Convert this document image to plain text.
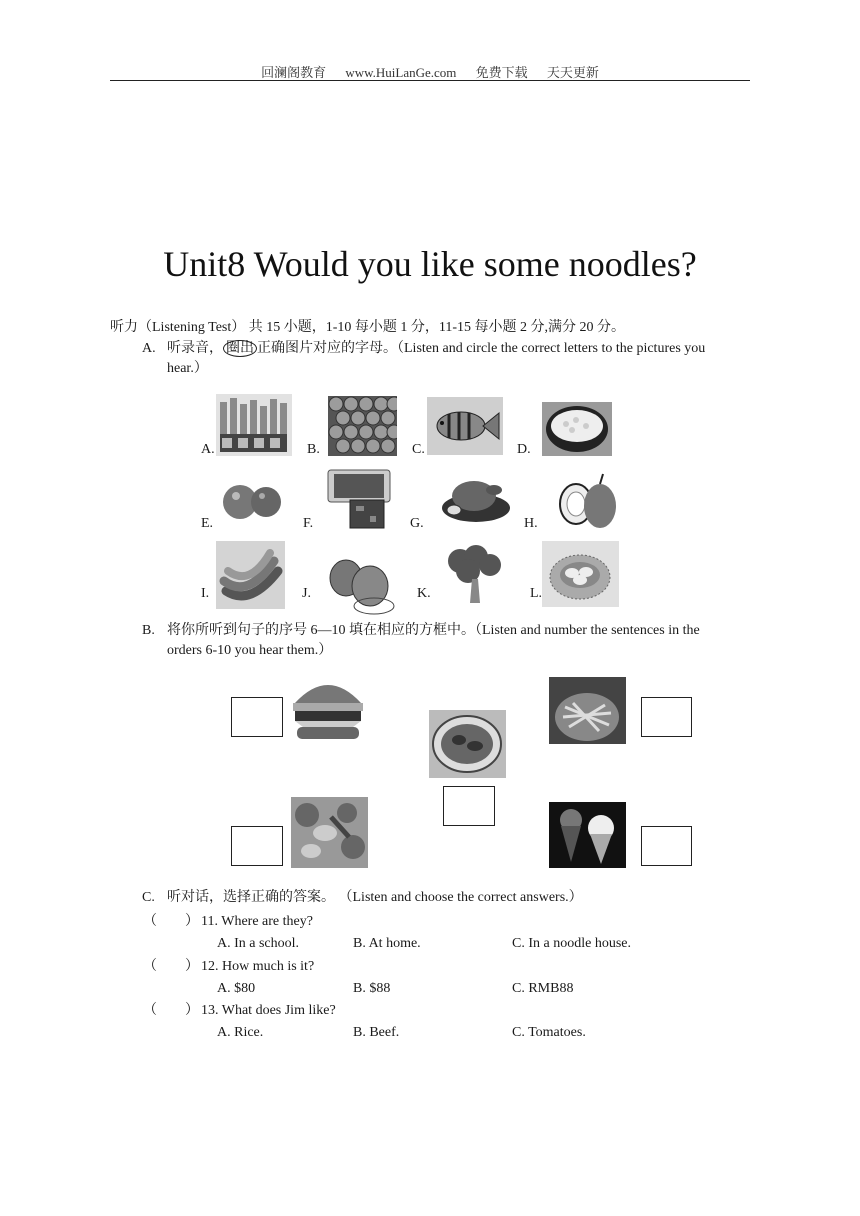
回澜阁教育 www.HuiLanGe.com 免费下载 天天更新
Unit8 Would you like some noodles?
听力（Listening Test） 共 15 小题，1-10 每小题 1 分，11-15 每小题 2 分,满分 20 分。
A. 听录音， 圈出 正确图片对应的字母。（Listen and circle the correct letters to the pictures you
hear.）
A.	B.	C.	D.
E.	F.	G.	H.
I.	J.	K.	L.
B. 将你所听到句子的序号 6—10 填在相应的方框中。（Listen and number the sentences in the
orders 6-10 you hear them.）
C. 听对话，选择正确的答案。 （Listen and choose the correct answers.）
（　　） 11. Where are they?
A. In a school.	B. At home.	C. In a noodle house.
（　　） 12. How much is it?
A. $80	B. $88	C. RMB88
（　　） 13. What does Jim like?
A. Rice.	B. Beef.	C. Tomatoes.
